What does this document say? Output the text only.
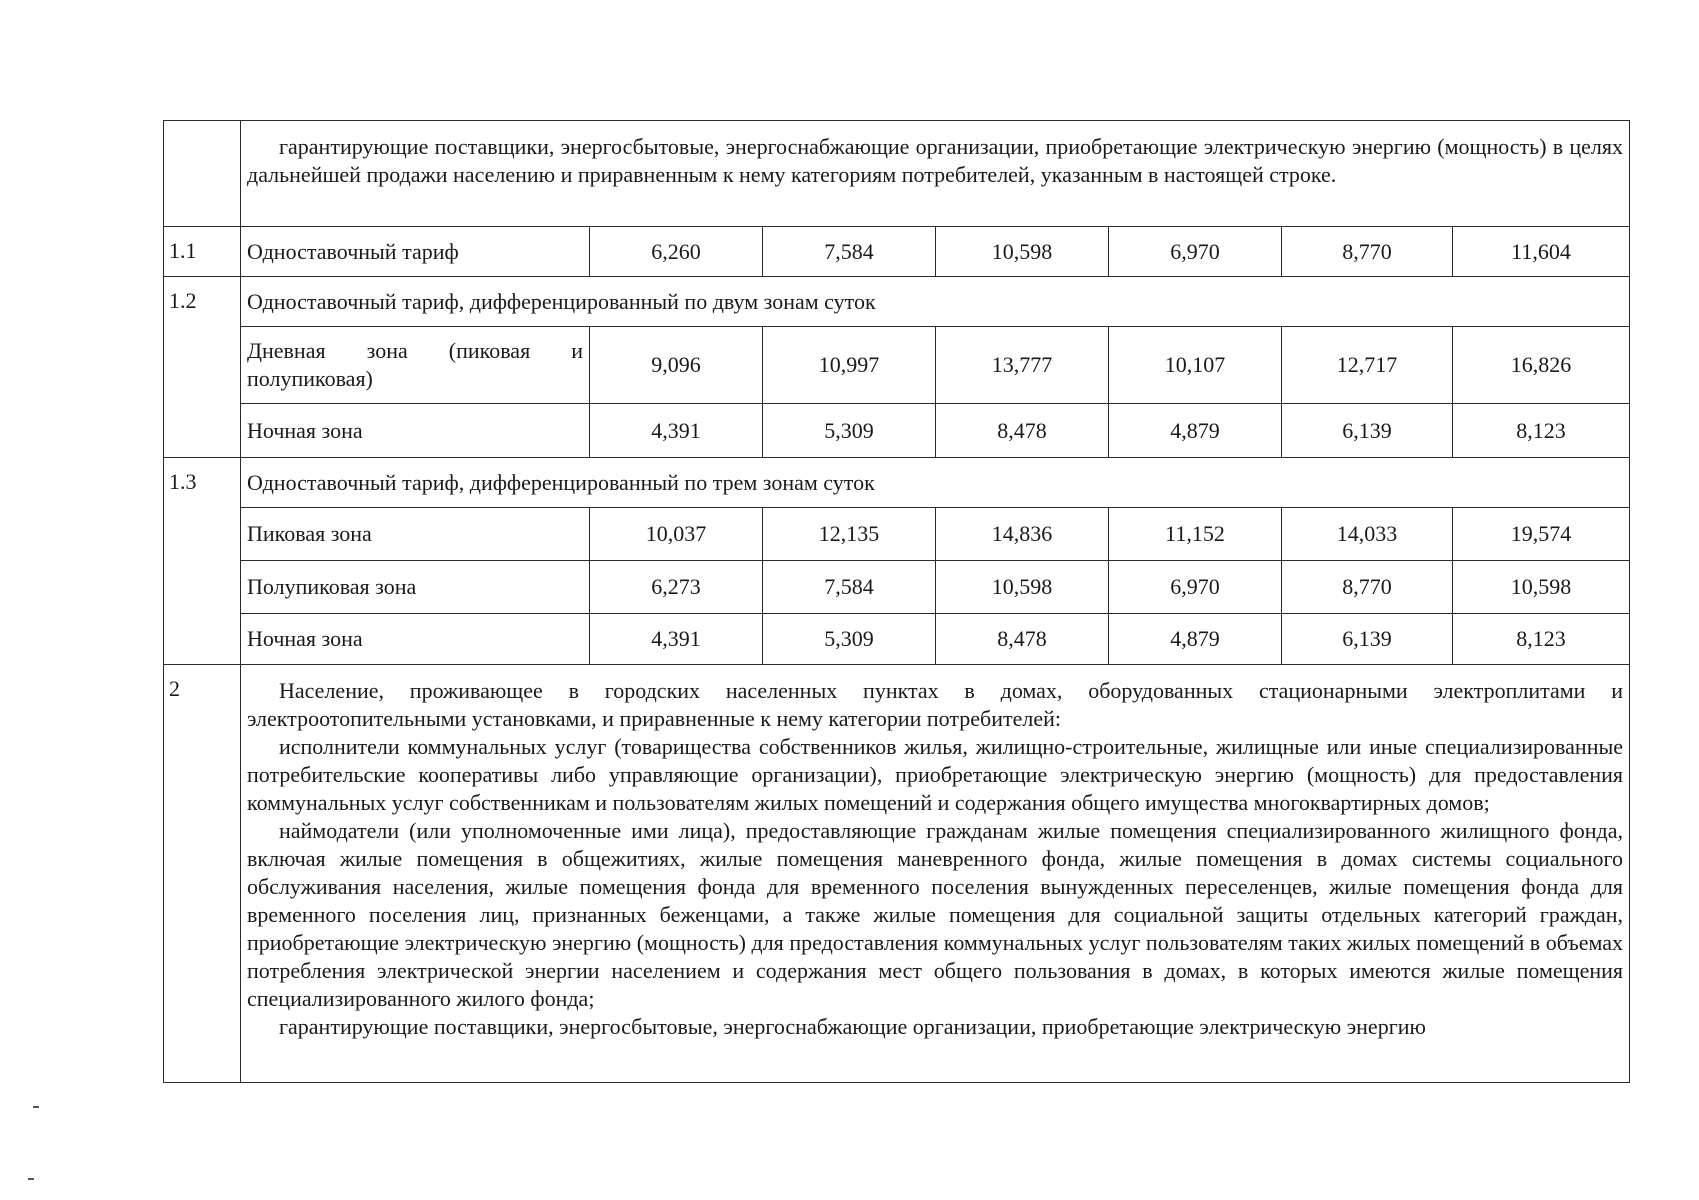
	гарантирующие поставщики, энергосбытовые, энергоснабжающие организации, приобретающие электрическую энергию (мощность) в целях дальнейшей продажи населению и приравненным к нему категориям потребителей, указанным в настоящей строке.						

1.1	Одноставочный тариф	6,260	7,584	10,598	6,970	8,770	11,604
1.2	Одноставочный тариф, дифференцированный по двум зонам суток						
	Дневная зона (пиковая и полупиковая)	9,096	10,997	13,777	10,107	12,717	16,826
	Ночная зона	4,391	5,309	8,478	4,879	6,139	8,123
1.3	Одноставочный тариф, дифференцированный по трем зонам суток						
	Пиковая зона	10,037	12,135	14,836	11,152	14,033	19,574
	Полупиковая зона	6,273	7,584	10,598	6,970	8,770	10,598
	Ночная зона	4,391	5,309	8,478	4,879	6,139	8,123
2	Население, проживающее в городских населенных пунктах в домах, оборудованных стационарными электроплитами и электроотопительными установками, и приравненные к нему категории потребителей:

исполнители коммунальных услуг (товарищества собственников жилья, жилищно-строительные, жилищные или иные специализированные потребительские кооперативы либо управляющие организации), приобретающие электрическую энергию (мощность) для предоставления коммунальных услуг собственникам и пользователям жилых помещений и содержания общего имущества многоквартирных домов;

наймодатели (или уполномоченные ими лица), предоставляющие гражданам жилые помещения специализированного жилищного фонда, включая жилые помещения в общежитиях, жилые помещения маневренного фонда, жилые помещения в домах системы социального обслуживания населения, жилые помещения фонда для временного поселения вынужденных переселенцев, жилые помещения фонда для временного поселения лиц, признанных беженцами, а также жилые помещения для социальной защиты отдельных категорий граждан, приобретающие электрическую энергию (мощность) для предоставления коммунальных услуг пользователям таких жилых помещений в объемах потребления электрической энергии населением и содержания мест общего пользования в домах, в которых имеются жилые помещения специализированного жилого фонда;

гарантирующие поставщики, энергосбытовые, энергоснабжающие организации, приобретающие электрическую энергию						
